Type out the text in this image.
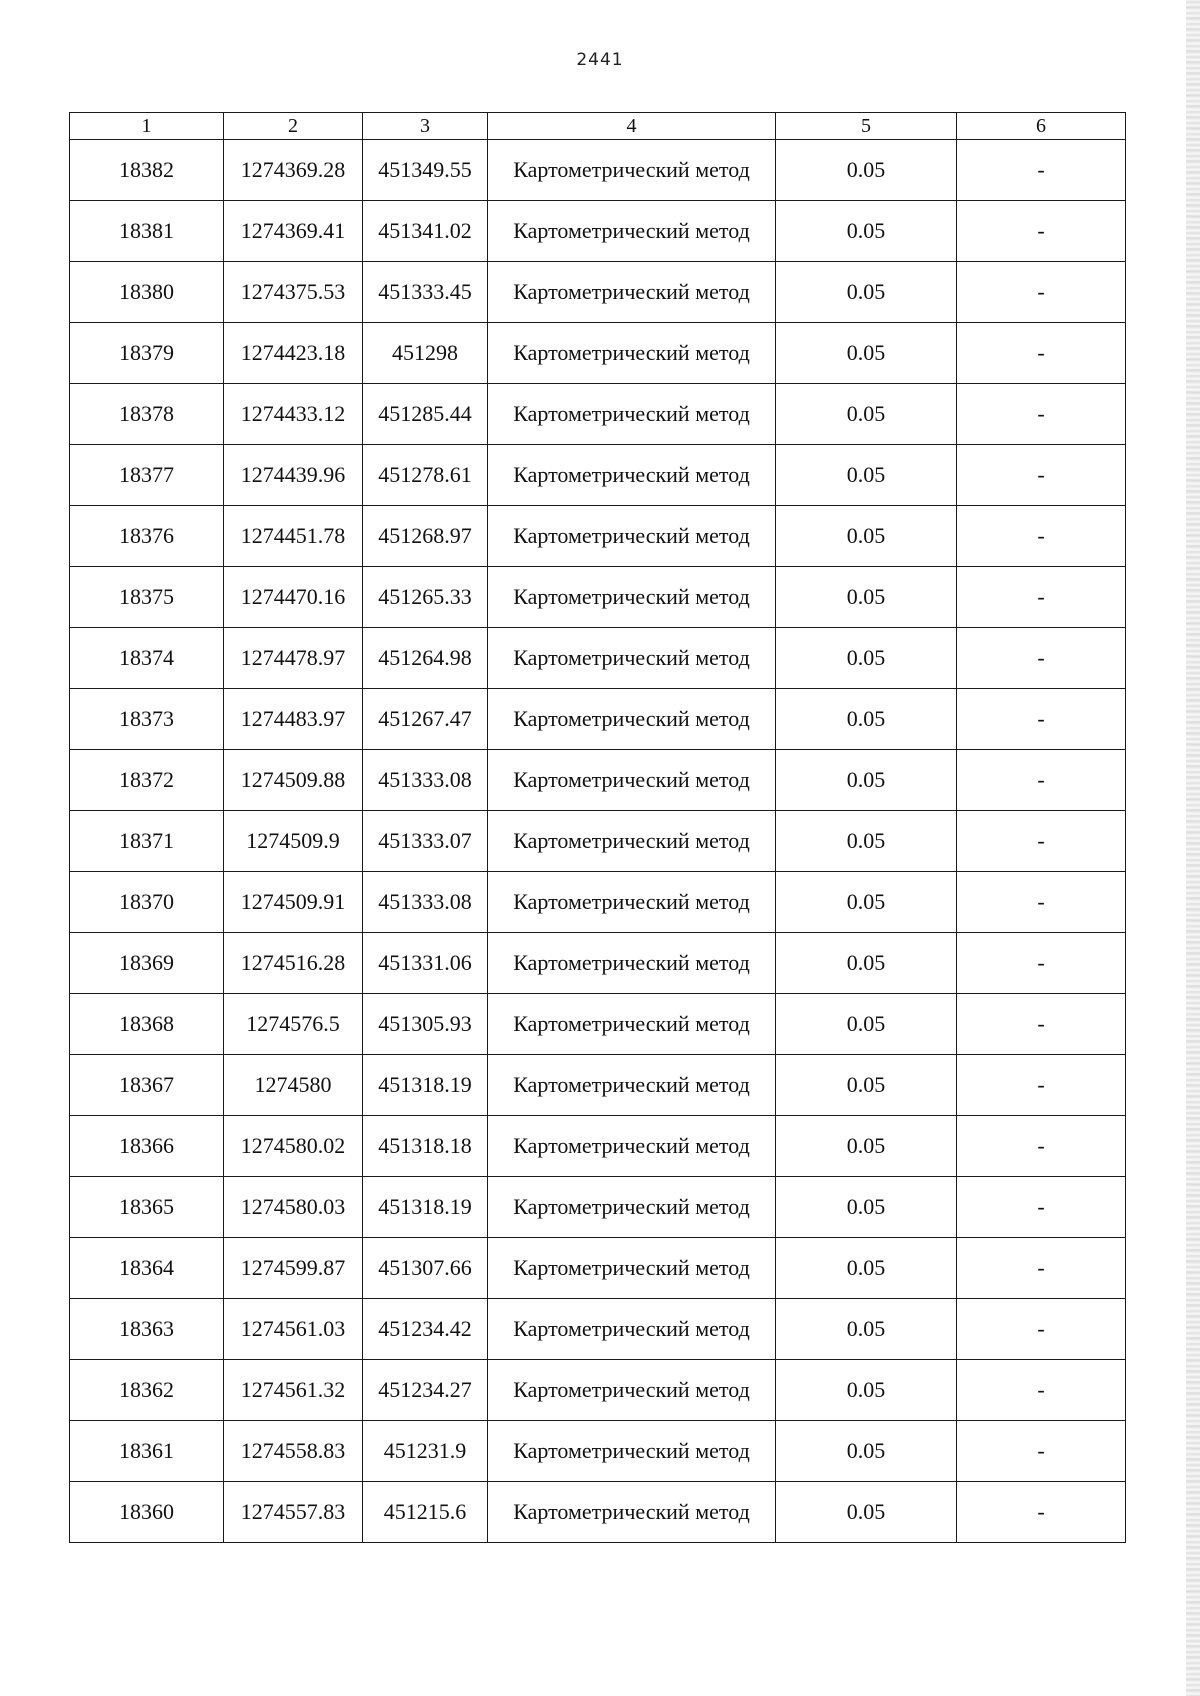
2441
1	2	3	4	5	6
18382	1274369.28	451349.55	Картометрический метод	0.05	-
18381	1274369.41	451341.02	Картометрический метод	0.05	-
18380	1274375.53	451333.45	Картометрический метод	0.05	-
18379	1274423.18	451298	Картометрический метод	0.05	-
18378	1274433.12	451285.44	Картометрический метод	0.05	-
18377	1274439.96	451278.61	Картометрический метод	0.05	-
18376	1274451.78	451268.97	Картометрический метод	0.05	-
18375	1274470.16	451265.33	Картометрический метод	0.05	-
18374	1274478.97	451264.98	Картометрический метод	0.05	-
18373	1274483.97	451267.47	Картометрический метод	0.05	-
18372	1274509.88	451333.08	Картометрический метод	0.05	-
18371	1274509.9	451333.07	Картометрический метод	0.05	-
18370	1274509.91	451333.08	Картометрический метод	0.05	-
18369	1274516.28	451331.06	Картометрический метод	0.05	-
18368	1274576.5	451305.93	Картометрический метод	0.05	-
18367	1274580	451318.19	Картометрический метод	0.05	-
18366	1274580.02	451318.18	Картометрический метод	0.05	-
18365	1274580.03	451318.19	Картометрический метод	0.05	-
18364	1274599.87	451307.66	Картометрический метод	0.05	-
18363	1274561.03	451234.42	Картометрический метод	0.05	-
18362	1274561.32	451234.27	Картометрический метод	0.05	-
18361	1274558.83	451231.9	Картометрический метод	0.05	-
18360	1274557.83	451215.6	Картометрический метод	0.05	-
